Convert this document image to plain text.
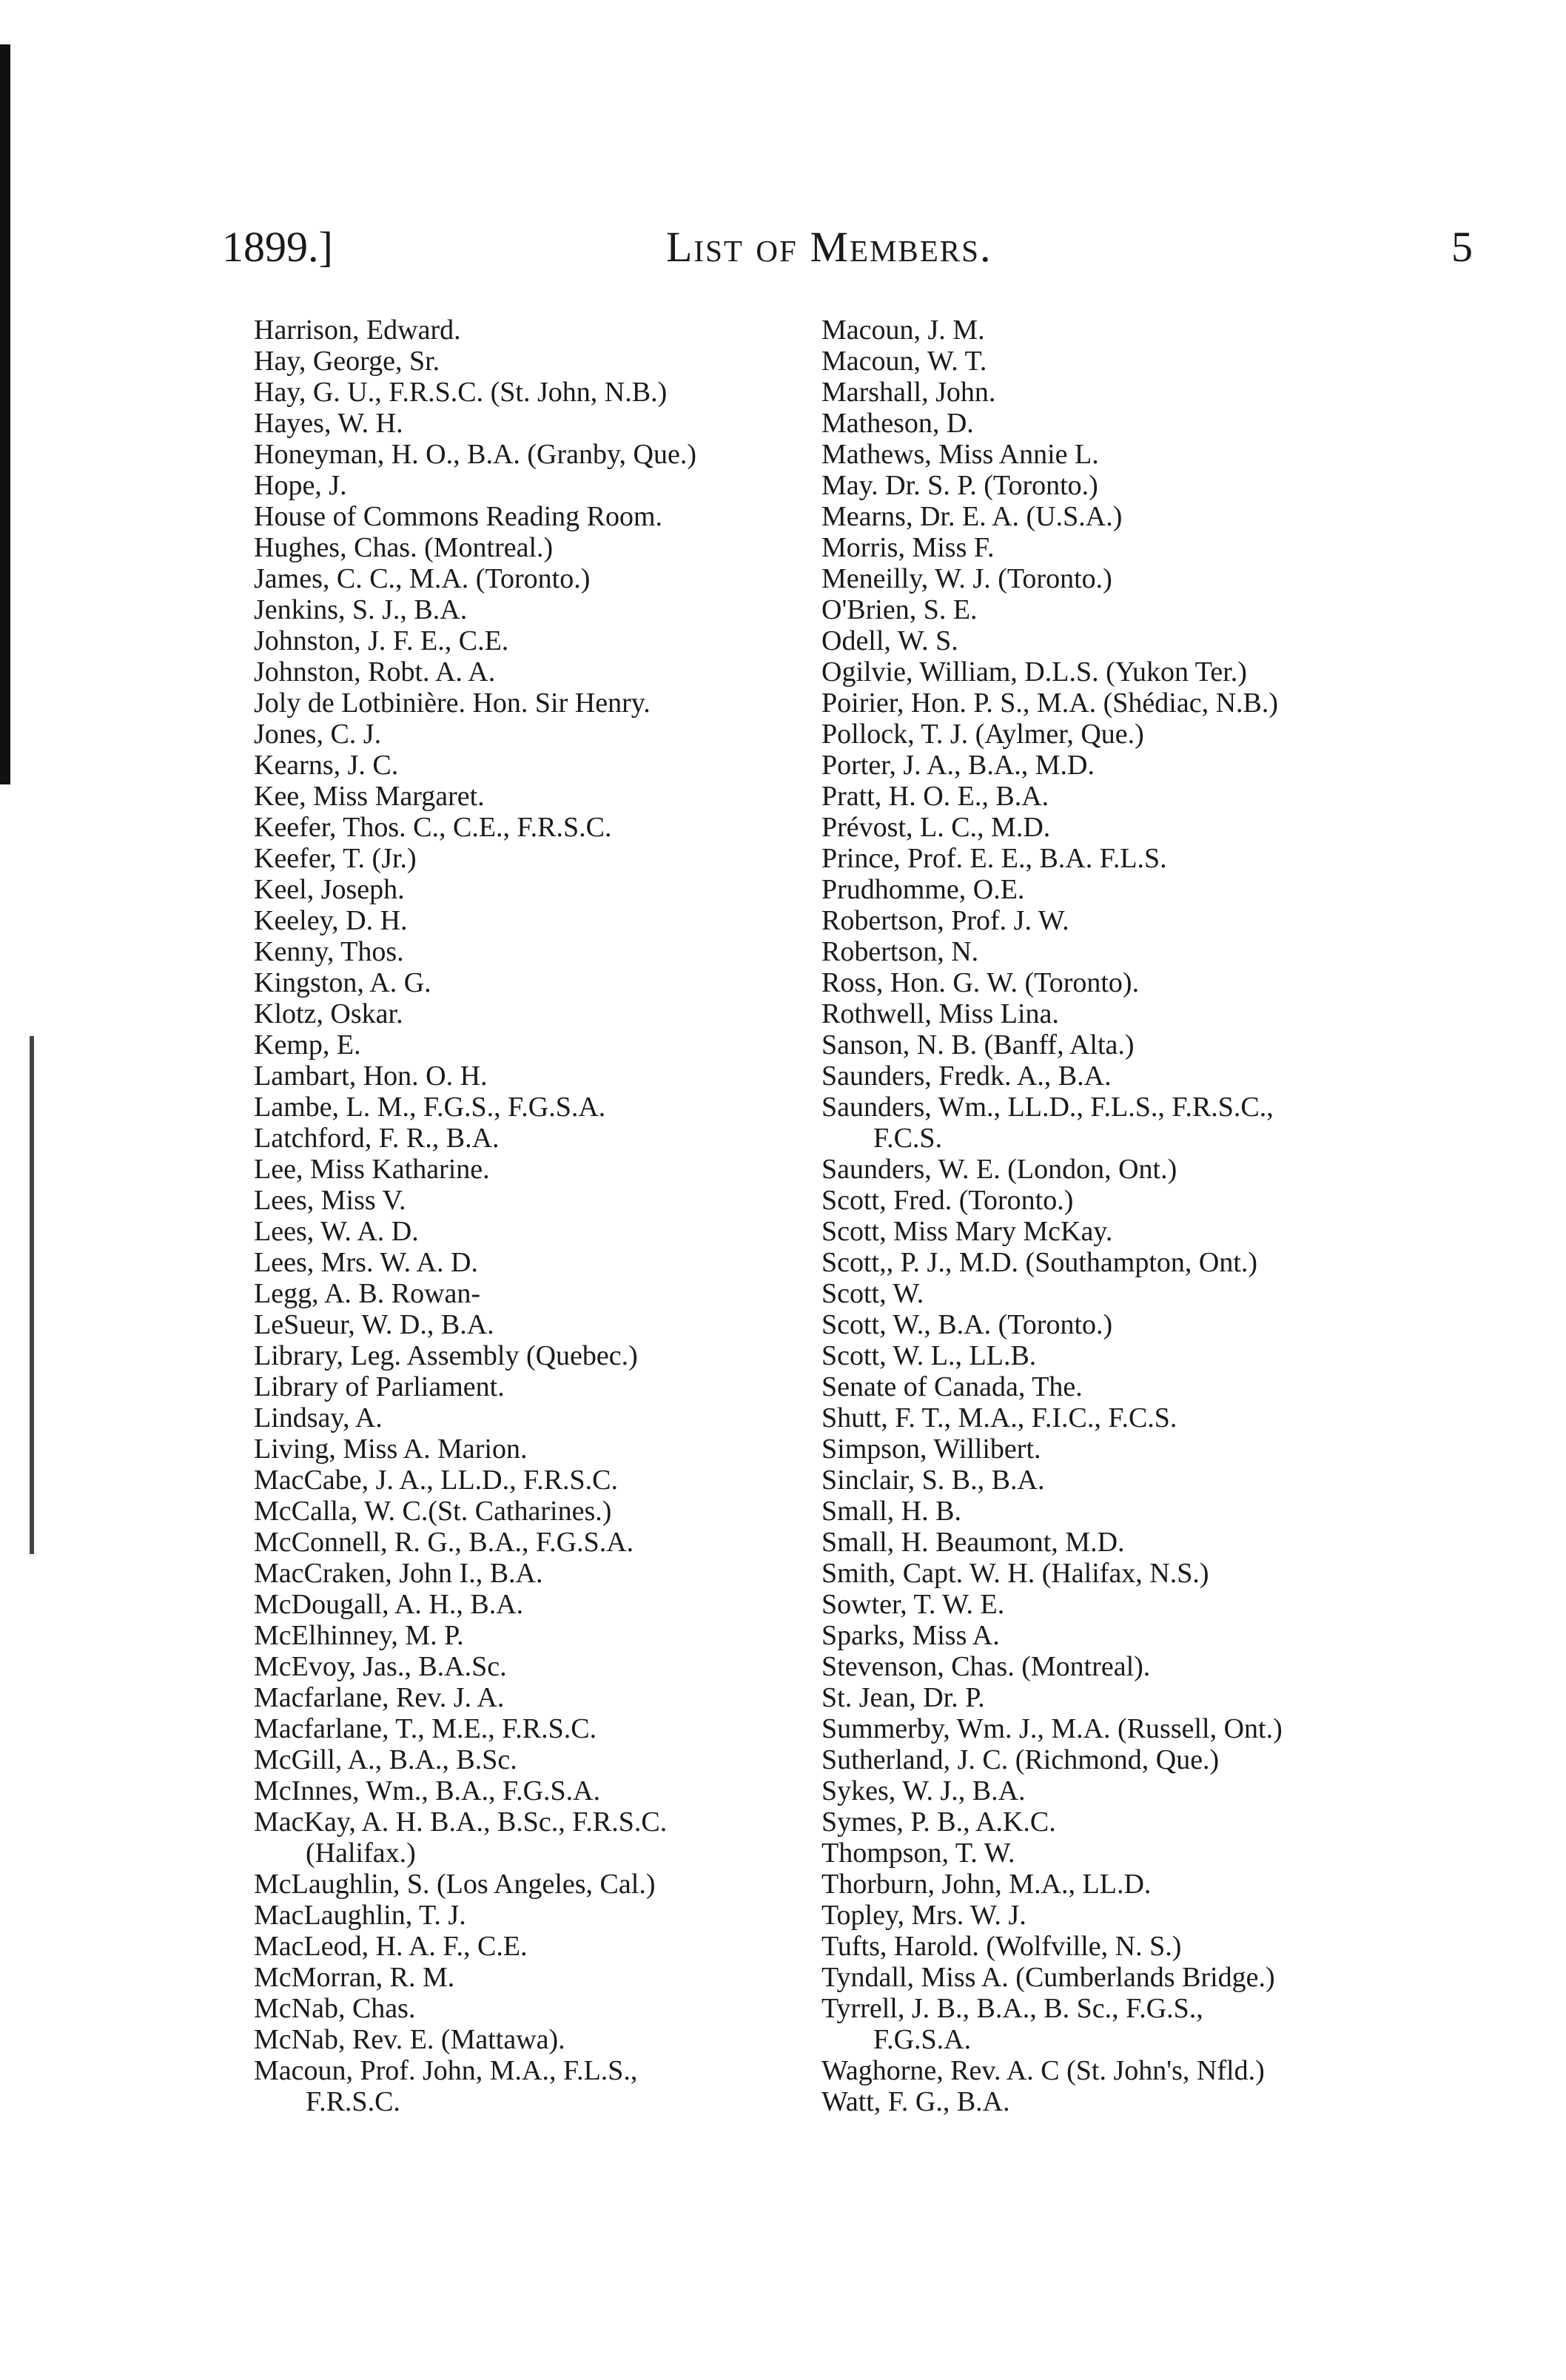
1899.]	List of Members.	5
Harrison, Edward.
Hay, George, Sr.
Hay, G. U., F.R.S.C. (St. John, N.B.)
Hayes, W. H.
Honeyman, H. O., B.A. (Granby, Que.)
Hope, J.
House of Commons Reading Room.
Hughes, Chas. (Montreal.)
James, C. C., M.A. (Toronto.)
Jenkins, S. J., B.A.
Johnston, J. F. E., C.E.
Johnston, Robt. A. A.
Joly de Lotbinière. Hon. Sir Henry.
Jones, C. J.
Kearns, J. C.
Kee, Miss Margaret.
Keefer, Thos. C., C.E., F.R.S.C.
Keefer, T. (Jr.)
Keel, Joseph.
Keeley, D. H.
Kenny, Thos.
Kingston, A. G.
Klotz, Oskar.
Kemp, E.
Lambart, Hon. O. H.
Lambe, L. M., F.G.S., F.G.S.A.
Latchford, F. R., B.A.
Lee, Miss Katharine.
Lees, Miss V.
Lees, W. A. D.
Lees, Mrs. W. A. D.
Legg, A. B. Rowan-
LeSueur, W. D., B.A.
Library, Leg. Assembly (Quebec.)
Library of Parliament.
Lindsay, A.
Living, Miss A. Marion.
MacCabe, J. A., LL.D., F.R.S.C.
McCalla, W. C.(St. Catharines.)
McConnell, R. G., B.A., F.G.S.A.
MacCraken, John I., B.A.
McDougall, A. H., B.A.
McElhinney, M. P.
McEvoy, Jas., B.A.Sc.
Macfarlane, Rev. J. A.
Macfarlane, T., M.E., F.R.S.C.
McGill, A., B.A., B.Sc.
McInnes, Wm., B.A., F.G.S.A.
MacKay, A. H. B.A., B.Sc., F.R.S.C.
(Halifax.)
McLaughlin, S. (Los Angeles, Cal.)
MacLaughlin, T. J.
MacLeod, H. A. F., C.E.
McMorran, R. M.
McNab, Chas.
McNab, Rev. E. (Mattawa).
Macoun, Prof. John, M.A., F.L.S.,
F.R.S.C.
Macoun, J. M.
Macoun, W. T.
Marshall, John.
Matheson, D.
Mathews, Miss Annie L.
May. Dr. S. P. (Toronto.)
Mearns, Dr. E. A. (U.S.A.)
Morris, Miss F.
Meneilly, W. J. (Toronto.)
O'Brien, S. E.
Odell, W. S.
Ogilvie, William, D.L.S. (Yukon Ter.)
Poirier, Hon. P. S., M.A. (Shédiac, N.B.)
Pollock, T. J. (Aylmer, Que.)
Porter, J. A., B.A., M.D.
Pratt, H. O. E., B.A.
Prévost, L. C., M.D.
Prince, Prof. E. E., B.A. F.L.S.
Prudhomme, O.E.
Robertson, Prof. J. W.
Robertson, N.
Ross, Hon. G. W. (Toronto).
Rothwell, Miss Lina.
Sanson, N. B. (Banff, Alta.)
Saunders, Fredk. A., B.A.
Saunders, Wm., LL.D., F.L.S., F.R.S.C.,
F.C.S.
Saunders, W. E. (London, Ont.)
Scott, Fred. (Toronto.)
Scott, Miss Mary McKay.
Scott,, P. J., M.D. (Southampton, Ont.)
Scott, W.
Scott, W., B.A. (Toronto.)
Scott, W. L., LL.B.
Senate of Canada, The.
Shutt, F. T., M.A., F.I.C., F.C.S.
Simpson, Willibert.
Sinclair, S. B., B.A.
Small, H. B.
Small, H. Beaumont, M.D.
Smith, Capt. W. H. (Halifax, N.S.)
Sowter, T. W. E.
Sparks, Miss A.
Stevenson, Chas. (Montreal).
St. Jean, Dr. P.
Summerby, Wm. J., M.A. (Russell, Ont.)
Sutherland, J. C. (Richmond, Que.)
Sykes, W. J., B.A.
Symes, P. B., A.K.C.
Thompson, T. W.
Thorburn, John, M.A., LL.D.
Topley, Mrs. W. J.
Tufts, Harold. (Wolfville, N. S.)
Tyndall, Miss A. (Cumberlands Bridge.)
Tyrrell, J. B., B.A., B. Sc., F.G.S.,
F.G.S.A.
Waghorne, Rev. A. C (St. John's, Nfld.)
Watt, F. G., B.A.
